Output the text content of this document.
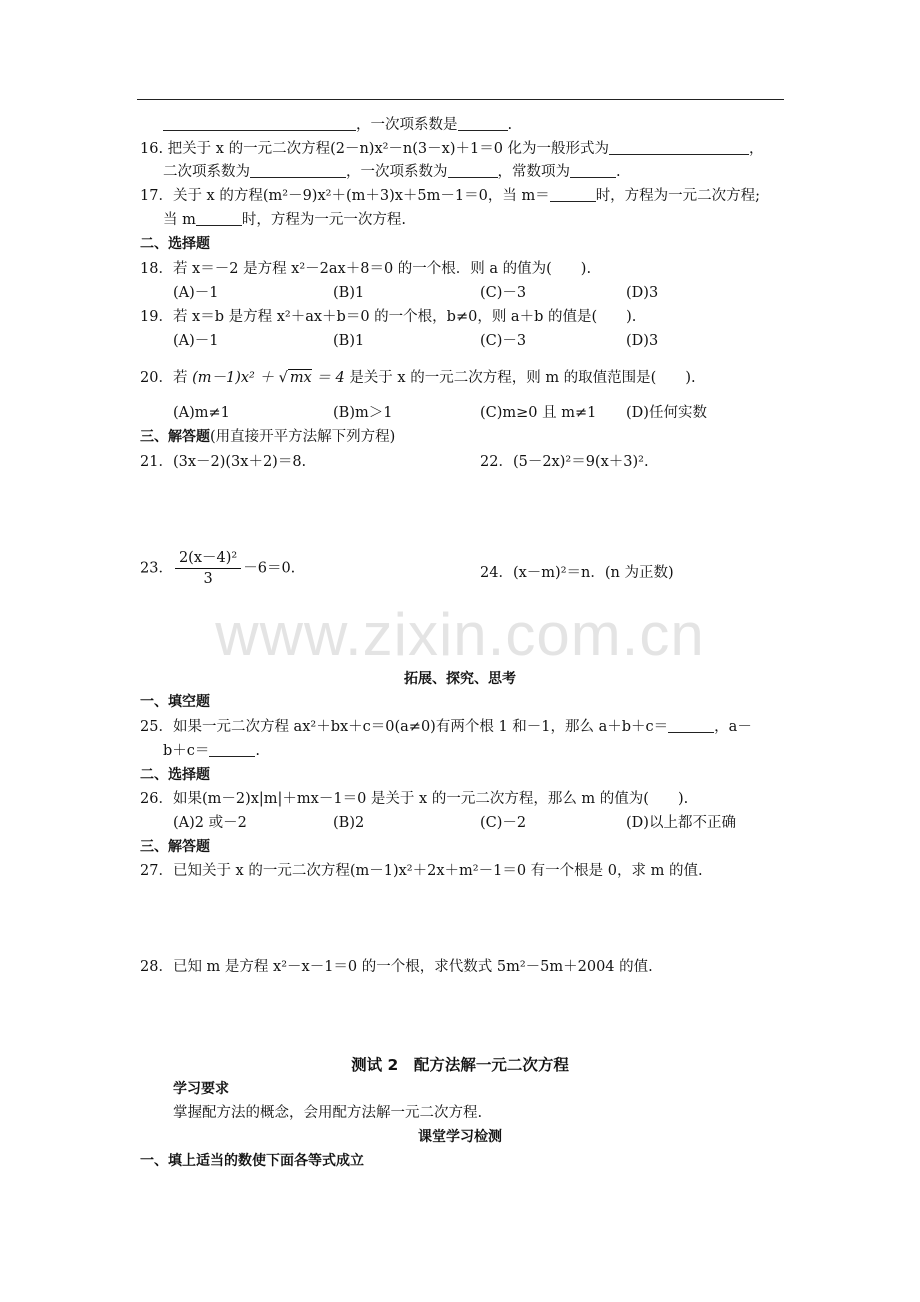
www.zixin.com.cn
，一次项系数是	.
16. 把关于 x 的一元二次方程(2－n)x²－n(3－x)＋1＝0 化为一般形式为	，
二次项系数为	，一次项系数为	，常数项为	.
17．关于 x 的方程(m²－9)x²＋(m＋3)x＋5m－1＝0，当 m＝	时，方程为一元二次方程;
当 m	时，方程为一元一次方程.
二、选择题
18．若 x＝－2 是方程 x²－2ax＋8＝0 的一个根．则 a 的值为(　　).
(A)－1	(B)1	(C)－3	(D)3
19．若 x＝b 是方程 x²＋ax＋b＝0 的一个根，b≠0，则 a＋b 的值是(　　).
(A)－1	(B)1	(C)－3	(D)3
20．若 (m－1)x² ＋ √ mx ＝ 4 是关于 x 的一元二次方程，则 m 的取值范围是(　　).
(A)m≠1	(B)m＞1	(C)m≥0 且 m≠1 (D)任何实数
三、解答题(用直接开平方法解下列方程)
21．(3x－2)(3x＋2)＝8.	22．(5－2x)²＝9(x＋3)².
23． $\frac{\text{2(x－4)²}}{3} -6=0$.	24．(x－m)²＝n．(n 为正数)
拓展、探究、思考
一、填空题
25．如果一元二次方程 ax²＋bx＋c＝0(a≠0)有两个根 1 和－1，那么 a＋b＋c＝	，a－
b＋c＝	.
二、选择题
26．如果(m－2)x|m|＋mx－1＝0 是关于 x 的一元二次方程，那么 m 的值为(　　).
(A)2 或－2	(B)2	(C)－2	(D)以上都不正确
三、解答题
27．已知关于 x 的一元二次方程(m－1)x²＋2x＋m²－1＝0 有一个根是 0，求 m 的值.
28．已知 m 是方程 x²－x－1＝0 的一个根，求代数式 5m²－5m＋2004 的值.
测试 2　配方法解一元二次方程
学习要求
掌握配方法的概念，会用配方法解一元二次方程.
课堂学习检测
一、填上适当的数使下面各等式成立
